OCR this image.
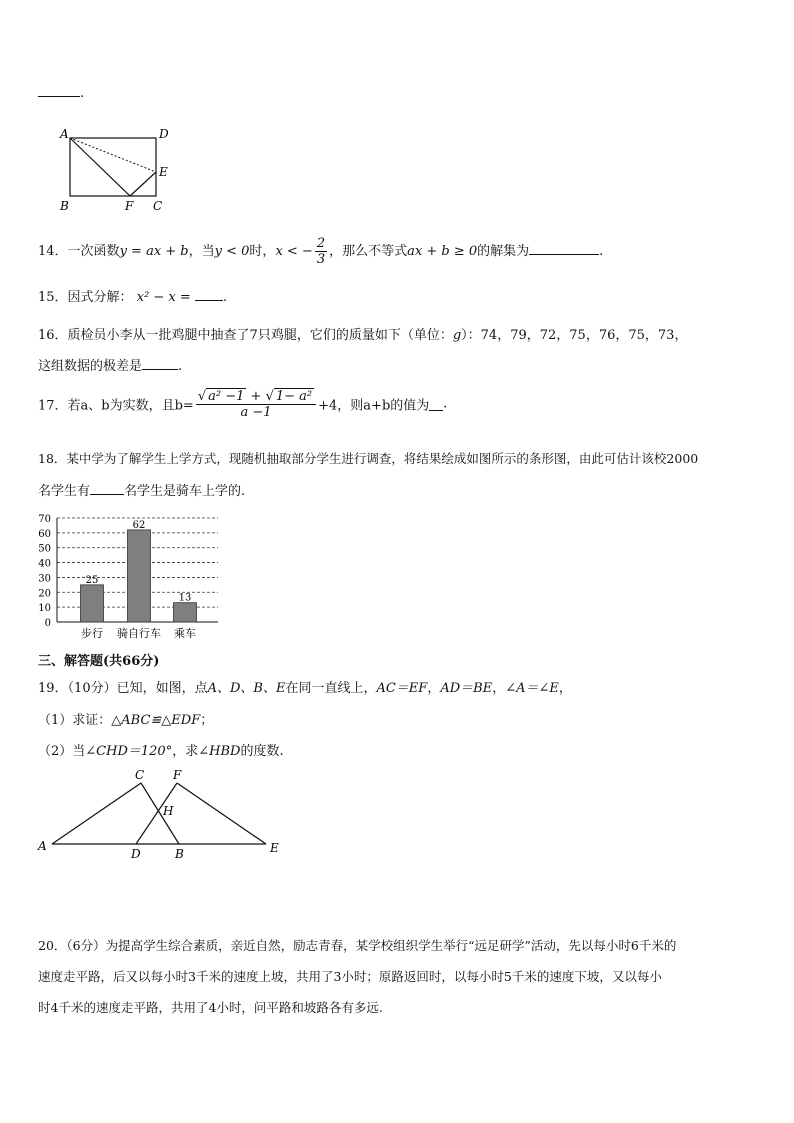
.
A	D
E
B	F C
14．一次函数y = ax + b，当y < 0时，x < − $\frac{2}{3}$ ，那么不等式ax + b ≥ 0的解集为	.
15．因式分解： x² − x = .
16．质检员小李从一批鸡腿中抽查了7只鸡腿，它们的质量如下（单位：g）：74，79，72，75，76，75，73，
这组数据的极差是	.
17．若a、b为实数，且$b= \frac{\text{√ a² −1 + √ 1− a²}}{a -1} +4$，则a+b的值为 .
18．某中学为了解学生上学方式，现随机抽取部分学生进行调查，将结果绘成如图所示的条形图，由此可估计该校2000
名学生有	名学生是骑车上学的.
0
10
20
30
40
50
60
70
25
步行
62
骑自行车
13
乘车
三、解答题(共66分)
19．（10分）已知，如图，点A、D、B、E在同一直线上，AC＝EF，AD＝BE，∠A＝∠E，
（1）求证：△ABC≌△EDF；
（2）当∠CHD＝120°，求∠HBD的度数.
C F
H
A
D	B	E
20．（6分）为提高学生综合素质，亲近自然，励志青春，某学校组织学生举行“远足研学”活动，先以每小时6千米的
速度走平路，后又以每小时3千米的速度上坡，共用了3小时；原路返回时，以每小时5千米的速度下坡，又以每小
时4千米的速度走平路，共用了4小时，问平路和坡路各有多远.
